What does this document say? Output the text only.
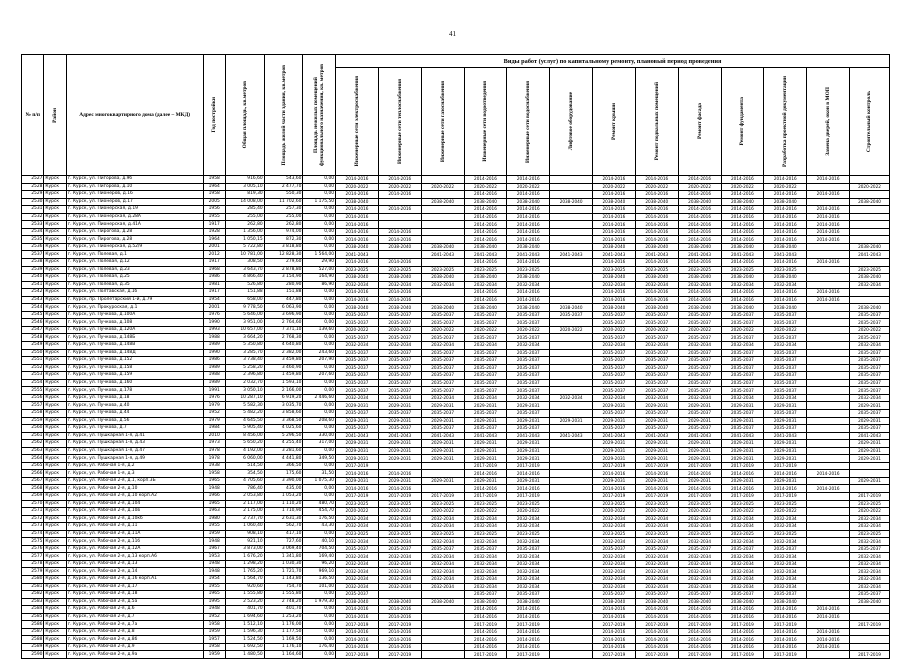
41
№ п/п	Район	Адрес многоквартирного дома (далее – МКД)	Год постройки	Общая площадь, кв.метров	Площадь жилой части здания, кв.метров	Площадь нежилых помещений функционального назначения, кв. метров	Виды работ (услуг) по капитальному ремонту, плановый период проведения												

							Инженерные сети электроснабжения	Инженерные сети теплоснабжения	Инженерные сети газоснабжения	Инженерные сети водоотведения	Инженерные сети водоснабжения	Лифтовое оборудование	Ремонт крыши	Ремонт подвальных помещений	Ремонт фасада	Ремонт фундамента	Разработка проектной документации	Замена дверей, окон в МОП	Строительный контроль

2527	Курск	г. Курск, ул. Пигорова, д.9б	1958	916,60	543,60	0,00	2014-2016	2014-2016		2014-2016	2014-2016		2014-2016	2014-2016	2014-2016	2014-2016	2014-2016	2014-2016	
2528	Курск	г. Курск, ул. Пигорова, д.10	1964	3 005,10	2 477,70	0,00	2020-2022	2020-2022	2020-2022	2020-2022	2020-2022		2020-2022	2020-2022	2020-2022	2020-2022	2020-2022		2020-2022
2529	Курск	г. Курск, ул. Пионеров, д.16	1958	819,30	550,30	0,00	2014-2016	2014-2016		2014-2016	2014-2016		2014-2016	2014-2016	2014-2016	2014-2016	2014-2016	2014-2016	
2530	Курск	г. Курск, ул. Пионеров, д.17	2005	14 008,00	11 702,60	1 175,50	2038-2040		2038-2040	2038-2040	2038-2040	2038-2040	2038-2040	2038-2040	2038-2040	2038-2040	2038-2040		2038-2040
2531	Курск	г. Курск, ул. Пионерская, д.19	1956	285,40	257,30	0,00	2014-2016	2014-2016		2014-2016	2014-2016		2014-2016	2014-2016	2014-2016	2014-2016	2014-2016	2014-2016	
2532	Курск	г. Курск, ул. Пионерская, д.28А	1955	255,00	255,00	0,00	2014-2016			2014-2016	2014-2016		2014-2016	2014-2016	2014-2016	2014-2016	2014-2016	2014-2016	
2533	Курск	г. Курск, ул. Пионерская, д.41А	1917	262,80	262,80	0,00	2014-2016			2014-2016	2014-2016		2014-2016	2014-2016	2014-2016	2014-2016	2014-2016	2014-2016	
2534	Курск	г. Курск, ул. Пирогова, д.28	1928	1 356,00	974,00	0,00	2014-2016	2014-2016		2014-2016	2014-2016		2014-2016	2014-2016	2014-2016	2014-2016	2014-2016	2014-2016	
2535	Курск	г. Курск, ул. Пирогова, д.28	1964	1 050,15	872,30	0,00	2014-2016	2014-2016		2014-2016	2014-2016		2014-2016	2014-2016	2014-2016	2014-2016	2014-2016	2014-2016	
2536	Курск	г. Курск, ул. Пионерская, д.52/9	2001	5 722,80	3 818,80	0,00	2038-2040	2038-2040	2038-2040	2038-2040	2038-2040		2038-2040	2038-2040	2038-2040	2038-2040	2038-2040		2038-2040
2537	Курск	г. Курск, ул. Полевая, д.1	2012	10 781,00	12 828,30	1 564,00	2041-2043		2041-2043	2041-2043	2041-2043	2041-2043	2041-2043	2041-2043	2041-2043	2041-2043	2041-2043		2041-2043
2538	Курск	г. Курск, ул. Полевая, д.12	1917	308,50	279,60	29,90	2014-2016	2014-2016		2014-2016	2014-2016		2014-2016	2014-2016	2014-2016	2014-2016	2014-2016	2014-2016	
2539	Курск	г. Курск, ул. Полевая, д.23	1968	3 643,70	2 878,80	527,00	2023-2025	2023-2025	2023-2025	2023-2025	2023-2025		2023-2025	2023-2025	2023-2025	2023-2025	2023-2025		2023-2025
2540	Курск	г. Курск, ул. Полевая, д.25	1986	4 866,40	3 154,90	164,90	2038-2040	2038-2040	2038-2040	2038-2040	2038-2040		2038-2040	2038-2040	2038-2040	2038-2040	2038-2040		2038-2040
2541	Курск	г. Курск, ул. Полевая, д.35	1981	526,80	280,90	86,90	2032-2034	2032-2034	2032-2034	2032-2034	2032-2034		2032-2034	2032-2034	2032-2034	2032-2034	2032-2034		2032-2034
2542	Курск	г. Курск, ул. Полтавская, д.1б	1917	151,88	151,88	0,00	2014-2016	2014-2016		2014-2016	2014-2016		2014-2016	2014-2016	2014-2016	2014-2016	2014-2016	2014-2016	
2543	Курск	г. Курск, пр. Пролетарский 1-й, д.79	1954	658,00	447,80	0,00	2014-2016	2014-2016		2014-2016	2014-2016		2014-2016	2014-2016	2014-2016	2014-2016	2014-2016	2014-2016	
2544	Курск	г. Курск, ул. Прокуроская, д.1	2001	9 778,50	6 063,90	0,00	2038-2040	2038-2040	2038-2040	2038-2040	2038-2040	2038-2040	2038-2040	2038-2040	2038-2040	2038-2040	2038-2040		2038-2040
2545	Курск	г. Курск, ул. Пучкова, д.100А	1976	5 646,00	3 696,90	0,00	2035-2037	2035-2037	2035-2037	2035-2037	2035-2037	2035-2037	2035-2037	2035-2037	2035-2037	2035-2037	2035-2037		2035-2037
2546	Курск	г. Курск, ул. Пучкова, д.108	1990	3 951,00	2 764,60	0,00	2035-2037	2035-2037	2035-2037	2035-2037	2035-2037		2035-2037	2035-2037	2035-2037	2035-2037	2035-2037		2035-2037
2547	Курск	г. Курск, ул. Пучкова, д.120А	1993	10 657,00	7 371,10	139,60	2020-2022	2020-2022	2020-2022	2020-2022	2020-2022	2020-2022	2020-2022	2020-2022	2020-2022	2020-2022	2020-2022		2020-2022
2548	Курск	г. Курск, ул. Пучкова, д.148Б	1988	3 664,20	2 768,30	0,00	2035-2037	2035-2037	2035-2037	2035-2037	2035-2037		2035-2037	2035-2037	2035-2037	2035-2037	2035-2037		2035-2037
2549	Курск	г. Курск, ул. Пучкова, д.148В	1989	5 350,80	4 640,80	0,00	2032-2034	2032-2034	2032-2034	2032-2034	2032-2034		2032-2034	2032-2034	2032-2034	2032-2034	2032-2034		2032-2034
2550	Курск	г. Курск, ул. Пучкова, д.148Д	1990	3 285,70	2 382,00	243,60	2035-2037	2035-2037	2035-2037	2035-2037	2035-2037		2035-2037	2035-2037	2035-2037	2035-2037	2035-2037		2035-2037
2551	Курск	г. Курск, ул. Пучкова, д.152	1986	3 738,40	3 459,80	207,90	2035-2037	2035-2037	2035-2037	2035-2037	2035-2037		2035-2037	2035-2037	2035-2037	2035-2037	2035-2037		2035-2037
2552	Курск	г. Курск, ул. Пучкова, д.158	1989	5 258,20	3 460,90	0,00	2035-2037	2035-2037	2035-2037	2035-2037	2035-2037		2035-2037	2035-2037	2035-2037	2035-2037	2035-2037		2035-2037
2553	Курск	г. Курск, ул. Пучкова, д.159	1988	2 396,80	1 459,80	207,60	2035-2037	2035-2037	2035-2037	2035-2037	2035-2037		2035-2037	2035-2037	2035-2037	2035-2037	2035-2037		2035-2037
2554	Курск	г. Курск, ул. Пучкова, д.160	1989	2 032,70	1 593,10	0,00	2035-2037	2035-2037	2035-2037	2035-2037	2035-2037		2035-2037	2035-2037	2035-2037	2035-2037	2035-2037		2035-2037
2555	Курск	г. Курск, ул. Пучкова, д.178	1991	3 050,10	2 166,00	0,00	2035-2037	2035-2037	2035-2037	2035-2037	2035-2037		2035-2037	2035-2037	2035-2037	2035-2037	2035-2037		2035-2037
2556	Курск	г. Курск, ул. Пучкова, д.18	1976	10 287,10	6 919,20	2 446,60	2032-2034	2032-2034	2032-2034	2032-2034	2032-2034	2032-2034	2032-2034	2032-2034	2032-2034	2032-2034	2032-2034		2032-2034
2557	Курск	г. Курск, ул. Пучкова, д.40	1979	5 582,30	3 035,70	0,00	2029-2031	2029-2031	2029-2031	2029-2031	2029-2031		2029-2031	2029-2031	2029-2031	2029-2031	2029-2031		2029-2031
2558	Курск	г. Курск, ул. Пучкова, д.44	1952	5 482,20	3 858,60	0,00	2035-2037	2035-2037	2035-2037	2035-2037	2035-2037		2035-2037	2035-2037	2035-2037	2035-2037	2035-2037		2035-2037
2559	Курск	г. Курск, ул. Пучкова, д.56	1979	4 645,50	3 368,50	208,60	2029-2031	2029-2031	2029-2031	2029-2031	2029-2031	2029-2031	2029-2031	2029-2031	2029-2031	2029-2031	2029-2031		2029-2031
2560	Курск	г. Курск, ул. Пучкова, д.7	1984	5 905,40	4 025,60	0,00	2035-2037	2035-2037	2035-2037	2035-2037	2035-2037		2035-2037	2035-2037	2035-2037	2035-2037	2035-2037		2035-2037
2561	Курск	г. Курск, ул. Пушкарная 1-я, д.41	2010	8 456,00	5 296,50	330,00	2041-2043	2041-2043	2041-2043	2041-2043	2041-2043	2041-2043	2041-2043	2041-2043	2041-2043	2041-2043	2041-2043		2041-2043
2562	Курск	г. Курск, ул. Пушкарная 1-я, д.43	1973	5 650,20	4 255,40	317,00	2029-2031	2029-2031	2029-2031	2029-2031	2029-2031		2029-2031	2029-2031	2029-2031	2029-2031	2029-2031		2029-2031
2563	Курск	г. Курск, ул. Пушкарная 1-я, д.47	1978	4 192,00	3 281,60	0,00	2029-2031	2029-2031	2029-2031	2029-2031	2029-2031		2029-2031	2029-2031	2029-2031	2029-2031	2029-2031		2029-2031
2564	Курск	г. Курск, ул. Пушкарная 1-я, д.49	1978	6 060,00	4 441,80	349,50	2029-2031	2029-2031	2029-2031	2029-2031	2029-2031		2029-2031	2029-2031	2029-2031	2029-2031	2029-2031		2029-2031
2565	Курск	г. Курск, ул. Рабочая 1-я, д.2	1938	514,50	366,50	0,00	2017-2019			2017-2019	2017-2019		2017-2019	2017-2019	2017-2019	2017-2019	2017-2019		
2566	Курск	г. Курск, ул. Рабочая 1-я, д.3	1958	354,50	175,60	31,50	2014-2016	2014-2016		2014-2016	2014-2016		2014-2016	2014-2016	2014-2016	2014-2016	2014-2016	2014-2016	
2567	Курск	г. Курск, ул. Рабочая 2-я, д.1, корп.3Б	1965	4 705,60	3 390,00	1 075,30	2029-2031	2029-2031	2029-2031	2029-2031	2029-2031		2029-2031	2029-2031	2029-2031	2029-2031	2029-2031		2029-2031
2568	Курск	г. Курск, ул. Рабочая 2-я, д.10	1948	786,40	435,00	0,00	2014-2016	2014-2016		2014-2016	2014-2016		2014-2016	2014-2016	2014-2016	2014-2016	2014-2016	2014-2016	
2569	Курск	г. Курск, ул. Рабочая 2-я, д.10 корп.А2	1966	2 053,80	1 053,20	0,00	2017-2019	2017-2019	2017-2019	2017-2019	2017-2019		2017-2019	2017-2019	2017-2019	2017-2019	2017-2019		2017-2019
2570	Курск	г. Курск, ул. Рабочая 2-я, д.104	1965	2 117,00	1 110,20	480,70	2023-2025	2023-2025	2023-2025	2023-2025	2023-2025		2023-2025	2023-2025	2023-2025	2023-2025	2023-2025		2023-2025
2571	Курск	г. Курск, ул. Рабочая 2-я, д.10в	1963	2 175,00	1 710,90	454,70	2020-2022	2020-2022	2020-2022	2020-2022	2020-2022		2020-2022	2020-2022	2020-2022	2020-2022	2020-2022		2020-2022
2572	Курск	г. Курск, ул. Рабочая 2-я, д.10кб	1980	2 737,70	2 631,30	176,50	2032-2034	2032-2034	2032-2034	2032-2034	2032-2034		2032-2034	2032-2034	2032-2034	2032-2034	2032-2034		2032-2034
2573	Курск	г. Курск, ул. Рабочая 2-я, д.11	1955	1 060,40	562,70	43,30	2032-2034	2032-2034	2032-2034	2032-2034	2032-2034		2032-2034	2032-2034	2032-2034	2032-2034	2032-2034		2032-2034
2574	Курск	г. Курск, ул. Рабочая 2-я, д.11А	1959	908,10	417,10	0,00	2023-2025	2023-2025	2023-2025	2023-2025	2023-2025		2023-2025	2023-2025	2023-2025	2023-2025	2023-2025		2023-2025
2575	Курск	г. Курск, ул. Рабочая 2-я, д.11б	1948	921,10	727,60	40,10	2032-2034	2032-2034	2032-2034	2032-2034	2032-2034		2032-2034	2032-2034	2032-2034	2032-2034	2032-2034		2032-2034
2576	Курск	г. Курск, ул. Рабочая 2-я, д.12А	1967	3 873,00	3 069,40	704,50	2035-2037	2035-2037	2035-2037	2035-2037	2035-2037		2035-2037	2035-2037	2035-2037	2035-2037	2035-2037		2035-2037
2577	Курск	г. Курск, ул. Рабочая 2-я, д.13 корп.А6	1953	1 676,20	1 341,80	169,40	2032-2034	2032-2034	2032-2034	2032-2034	2032-2034		2032-2034	2032-2034	2032-2034	2032-2034	2032-2034		2032-2034
2578	Курск	г. Курск, ул. Рабочая 2-я, д.13	1948	1 298,20	1 030,30	96,20	2032-2034	2032-2034	2032-2034	2032-2034	2032-2034		2032-2034	2032-2034	2032-2034	2032-2034	2032-2034		2032-2034
2579	Курск	г. Курск, ул. Рабочая 2-я, д.14	1948	1 765,20	1 721,70	969,10	2032-2034	2032-2034	2032-2034	2032-2034	2032-2034		2032-2034	2032-2034	2032-2034	2032-2034	2032-2034		2032-2034
2580	Курск	г. Курск, ул. Рабочая 2-я, д.16 корп.А1	1954	1 564,70	1 143,80	136,50	2032-2034	2032-2034	2032-2034	2032-2034	2032-2034		2032-2034	2032-2034	2032-2034	2032-2034	2032-2034		2032-2034
2581	Курск	г. Курск, ул. Рабочая 2-я, д.17	1955	920,60	754,70	101,00	2032-2034	2032-2034	2032-2034	2032-2034	2032-2034		2032-2034	2032-2034	2032-2034	2032-2034	2032-2034		2032-2034
2582	Курск	г. Курск, ул. Рабочая 2-я, д.18	1965	1 555,80	1 555,80	0,00	2035-2037			2035-2037	2035-2037		2035-2037	2035-2037	2035-2037	2035-2037	2035-2037		2035-2037
2583	Курск	г. Курск, ул. Рабочая 2-я, д.5а	1995	2 523,20	2 748,20	1 979,30	2038-2040	2038-2040	2038-2040	2038-2040	2038-2040		2038-2040	2038-2040	2038-2040	2038-2040	2038-2040		2038-2040
2584	Курск	г. Курск, ул. Рабочая 2-я, д.6	1948	401,70	401,70	0,00	2014-2016	2014-2016		2014-2016	2014-2016		2014-2016	2014-2016	2014-2016	2014-2016	2014-2016	2014-2016	
2585	Курск	г. Курск, ул. Рабочая 2-я, д.7	1952	1 694,60	1 253,20	0,00	2014-2016	2014-2016		2014-2016	2014-2016		2014-2016	2014-2016	2014-2016	2014-2016	2014-2016	2014-2016	
2586	Курск	г. Курск, ул. Рабочая 2-я, д.7а	1958	1 512,10	1 176,00	0,00	2017-2019	2017-2019		2017-2019	2017-2019		2017-2019	2017-2019	2017-2019	2017-2019	2017-2019		2017-2019
2587	Курск	г. Курск, ул. Рабочая 2-я, д.8	1959	1 596,30	1 177,50	0,00	2014-2016	2014-2016		2014-2016	2014-2016		2014-2016	2014-2016	2014-2016	2014-2016	2014-2016	2014-2016	
2588	Курск	г. Курск, ул. Рабочая 2-я, д.8б	1957	1 524,50	1 169,50	0,00	2014-2016	2014-2016		2014-2016	2014-2016		2014-2016	2014-2016	2014-2016	2014-2016	2014-2016	2014-2016	
2589	Курск	г. Курск, ул. Рабочая 2-я, д.9	1958	1 692,50	1 176,10	176,40	2014-2016	2014-2016		2014-2016	2014-2016		2014-2016	2014-2016	2014-2016	2014-2016	2014-2016	2014-2016	
2590	Курск	г. Курск, ул. Рабочая 2-я, д.9а	1959	1 480,50	1 164,60	0,00	2017-2019	2017-2019		2017-2019	2017-2019		2017-2019	2017-2019	2017-2019	2017-2019	2017-2019		2017-2019
